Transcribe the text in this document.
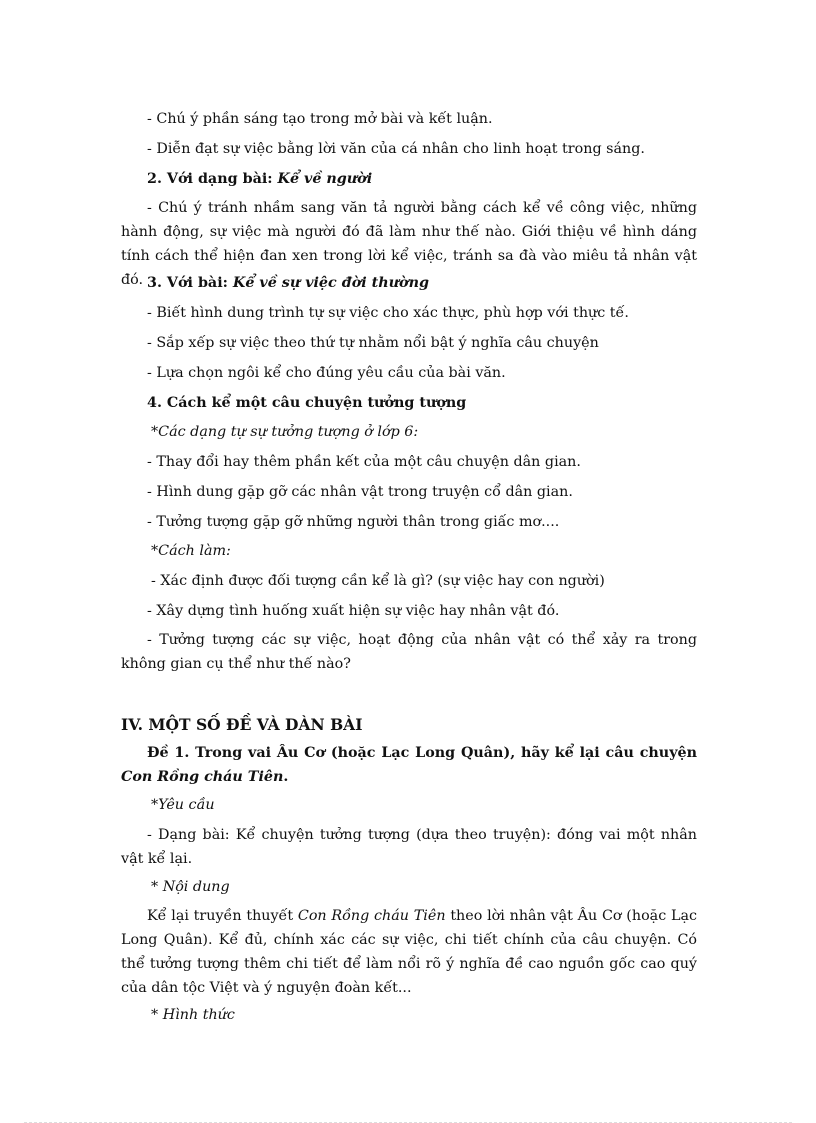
- Chú ý phần sáng tạo trong mở bài và kết luận.
- Diễn đạt sự việc bằng lời văn của cá nhân cho linh hoạt trong sáng.
2. Với dạng bài: Kể về người
- Chú ý tránh nhầm sang văn tả người bằng cách kể về công việc, những hành động, sự việc mà người đó đã làm như thế nào. Giới thiệu về hình dáng tính cách thể hiện đan xen trong lời kể việc, tránh sa đà vào miêu tả nhân vật đó. 3. Với bài: Kể về sự việc đời thường
- Biết hình dung trình tự sự việc cho xác thực, phù hợp với thực tế.
- Sắp xếp sự việc theo thứ tự nhằm nổi bật ý nghĩa câu chuyện
- Lựa chọn ngôi kể cho đúng yêu cầu của bài văn.
4. Cách kể một câu chuyện tưởng tượng
*Các dạng tự sự tưởng tượng ở lớp 6:
- Thay đổi hay thêm phần kết của một câu chuyện dân gian.
- Hình dung gặp gỡ các nhân vật trong truyện cổ dân gian.
- Tưởng tượng gặp gỡ những người thân trong giấc mơ....
*Cách làm:
- Xác định được đối tượng cần kể là gì? (sự việc hay con người)
- Xây dựng tình huống xuất hiện sự việc hay nhân vật đó.
- Tưởng tượng các sự việc, hoạt động của nhân vật có thể xảy ra trong không gian cụ thể như thế nào?
IV. MỘT SỐ ĐỀ VÀ DÀN BÀI
Đề 1. Trong vai Âu Cơ (hoặc Lạc Long Quân), hãy kể lại câu chuyện Con Rồng cháu Tiên.
*Yêu cầu
- Dạng bài: Kể chuyện tưởng tượng (dựa theo truyện): đóng vai một nhân vật kể lại.
* Nội dung
Kể lại truyền thuyết Con Rồng cháu Tiên theo lời nhân vật Âu Cơ (hoặc Lạc Long Quân). Kể đủ, chính xác các sự việc, chi tiết chính của câu chuyện. Có thể tưởng tượng thêm chi tiết để làm nổi rõ ý nghĩa đề cao nguồn gốc cao quý của dân tộc Việt và ý nguyện đoàn kết...
* Hình thức
